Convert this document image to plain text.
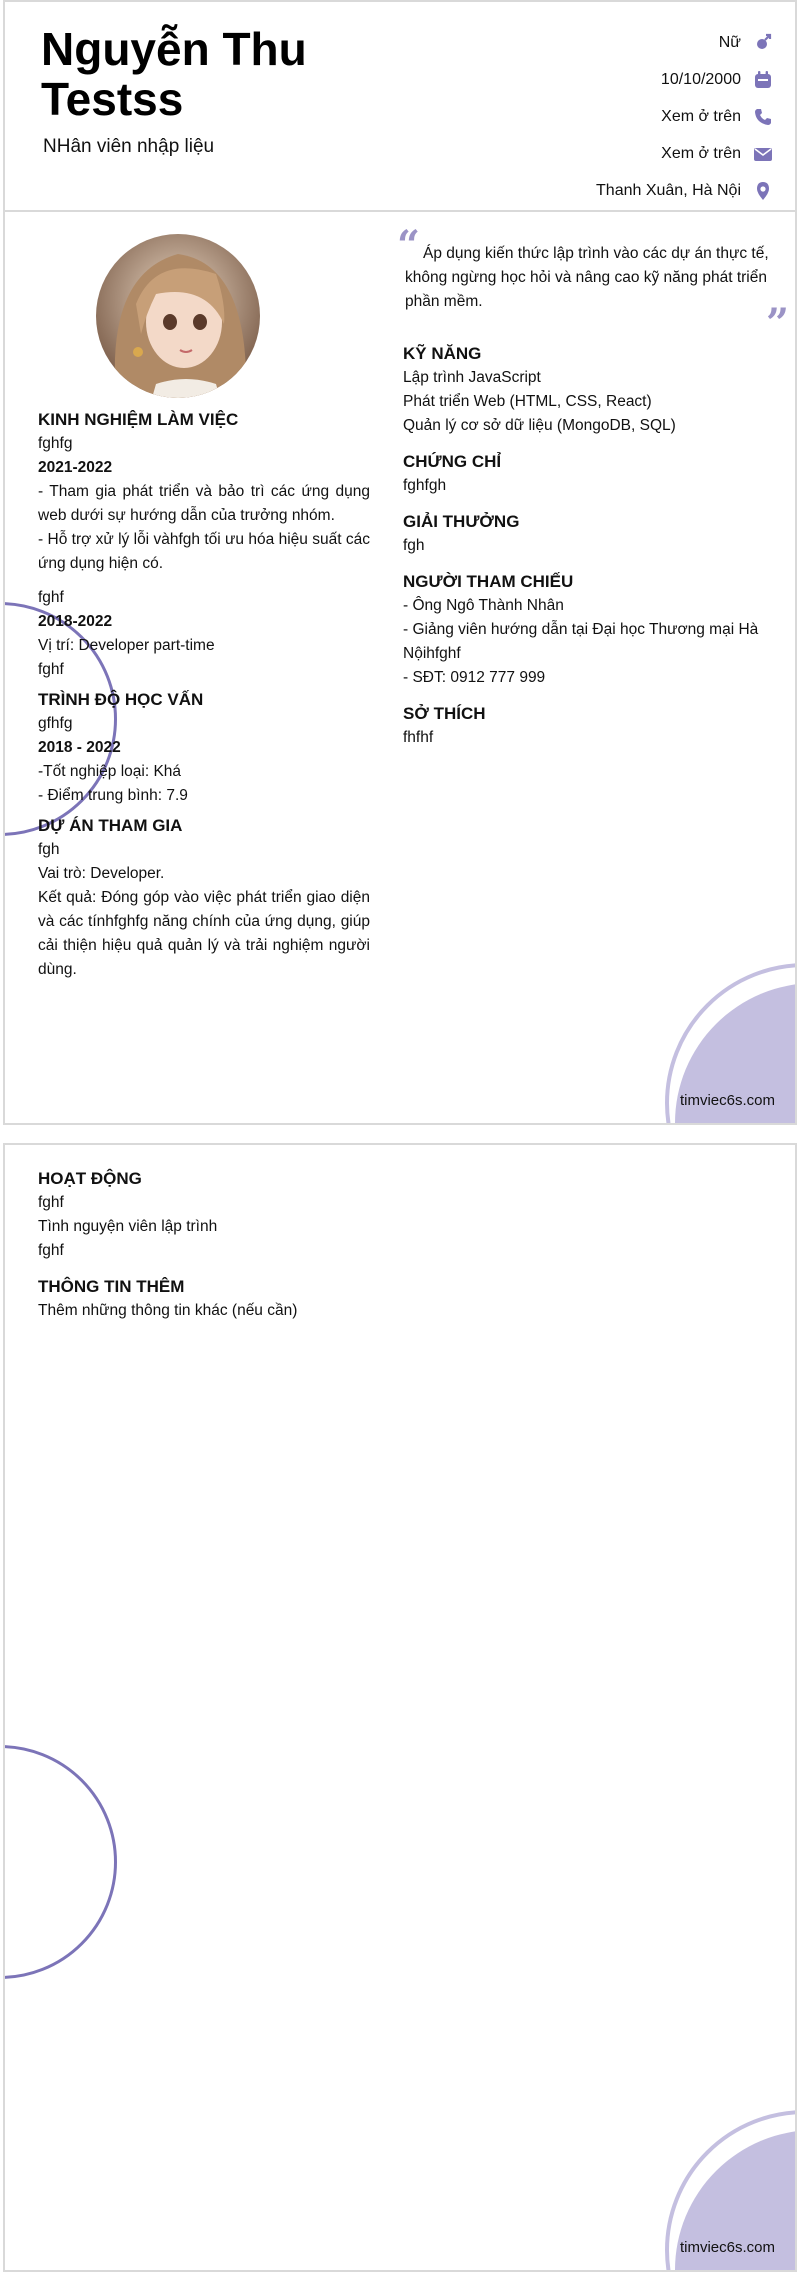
Nguyễn Thu Testss
NHân viên nhập liệu
Nữ
10/10/2000
Xem ở trên
Xem ở trên
Thanh Xuân, Hà Nội
KINH NGHIỆM LÀM VIỆC
fghfg
2021-2022
- Tham gia phát triển và bảo trì các ứng dụng web dưới sự hướng dẫn của trưởng nhóm.
- Hỗ trợ xử lý lỗi vàhfgh tối ưu hóa hiệu suất các ứng dụng hiện có.
fghf
2018-2022
Vị trí: Developer part-time
fghf
TRÌNH ĐỘ HỌC VẤN
gfhfg
2018 - 2022
-Tốt nghiệp loại: Khá
- Điểm trung bình: 7.9
DỰ ÁN THAM GIA
fgh
Vai trò: Developer.
Kết quả: Đóng góp vào việc phát triển giao diện và các tínhfghfg năng chính của ứng dụng, giúp cải thiện hiệu quả quản lý và trải nghiệm người dùng.
“ Áp dụng kiến thức lập trình vào các dự án thực tế, không ngừng học hỏi và nâng cao kỹ năng phát triển phần mềm.	”
KỸ NĂNG
Lập trình JavaScript
Phát triển Web (HTML, CSS, React)
Quản lý cơ sở dữ liệu (MongoDB, SQL)
CHỨNG CHỈ
fghfgh
GIẢI THƯỞNG
fgh
NGƯỜI THAM CHIẾU
- Ông Ngô Thành Nhân
- Giảng viên hướng dẫn tại Đại học Thương mại Hà Nộihfghf
- SĐT: 0912 777 999
SỞ THÍCH
fhfhf
timviec6s.com
HOẠT ĐỘNG
fghf
Tình nguyện viên lập trình
fghf
THÔNG TIN THÊM
Thêm những thông tin khác (nếu cần)
timviec6s.com
